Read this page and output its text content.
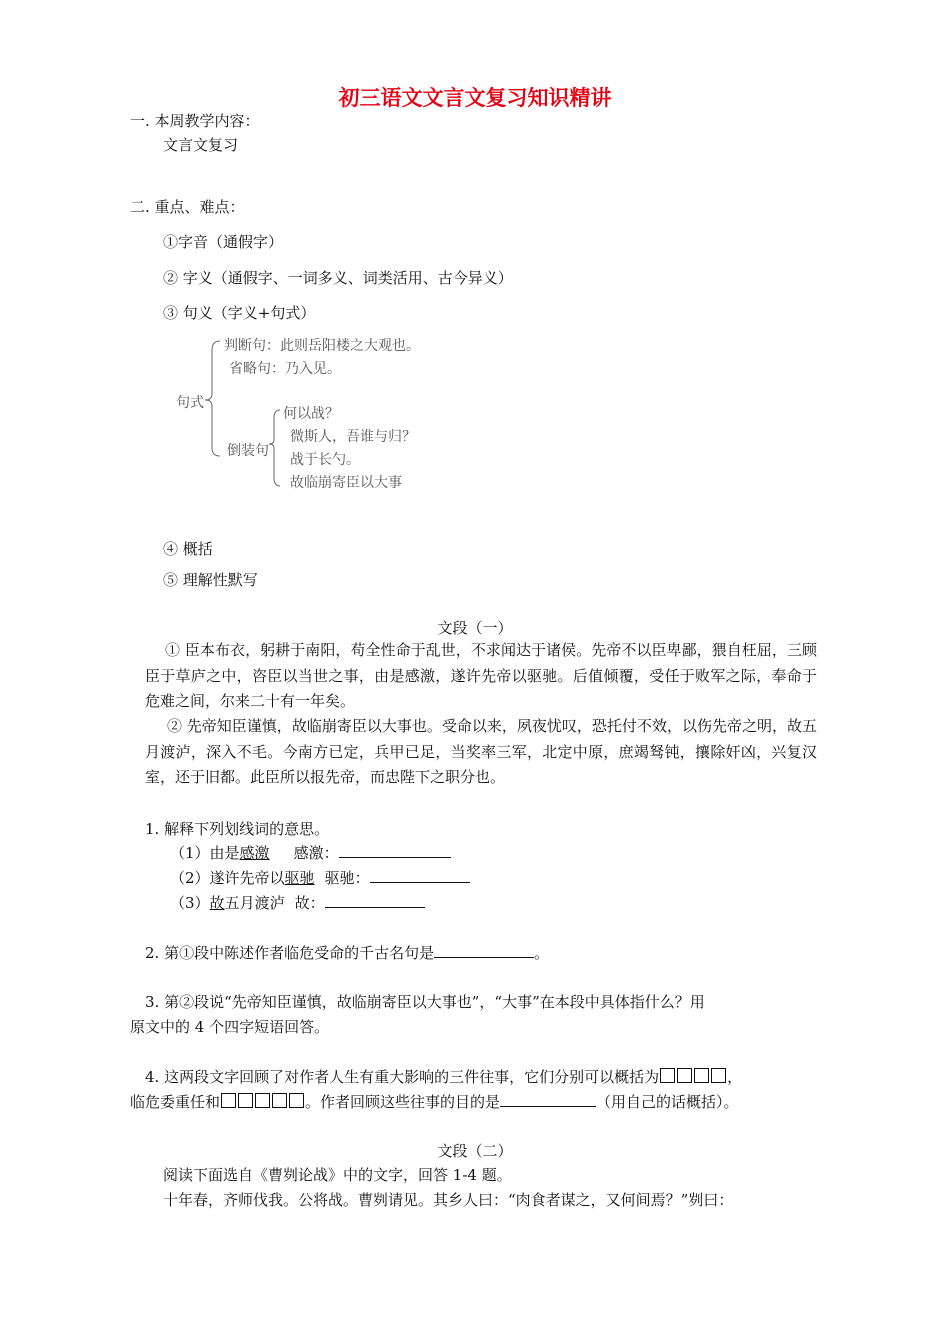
初三语文文言文复习知识精讲
一. 本周教学内容：
文言文复习
二. 重点、难点：
①字音（通假字）
② 字义（通假字、一词多义、词类活用、古今异义）
③ 句义（字义+句式）
句式
判断句：此则岳阳楼之大观也。
省略句：乃入见。
倒装句
何以战？
微斯人，吾谁与归？
战于长勺。
故临崩寄臣以大事
④ 概括
⑤ 理解性默写
文段（一）
① 臣本布衣，躬耕于南阳，苟全性命于乱世，不求闻达于诸侯。先帝不以臣卑鄙，猥自枉屈，三顾臣于草庐之中，咨臣以当世之事，由是感激，遂许先帝以驱驰。后值倾覆，受任于败军之际，奉命于危难之间，尔来二十有一年矣。
② 先帝知臣谨慎，故临崩寄臣以大事也。受命以来，夙夜忧叹，恐托付不效，以伤先帝之明，故五月渡泸，深入不毛。今南方已定，兵甲已足，当奖率三军，北定中原，庶竭驽钝，攘除奸凶，兴复汉室，还于旧都。此臣所以报先帝，而忠陛下之职分也。
1. 解释下列划线词的意思。
（1）由是感激 感激：
（2）遂许先帝以驱驰 驱驰：
（3）故五月渡泸 故：
2. 第①段中陈述作者临危受命的千古名句是	。
3. 第②段说“先帝知臣谨慎，故临崩寄臣以大事也”，“大事”在本段中具体指什么？用
原文中的 4 个四字短语回答。
4. 这两段文字回顾了对作者人生有重大影响的三件往事，它们分别可以概括为	，
临危委重任和	。作者回顾这些往事的目的是	（用自己的话概括）。
文段（二）
阅读下面选自《曹刿论战》中的文字，回答 1-4 题。
十年春，齐师伐我。公将战。曹刿请见。其乡人曰：“肉食者谋之，又何间焉？”刿曰：
